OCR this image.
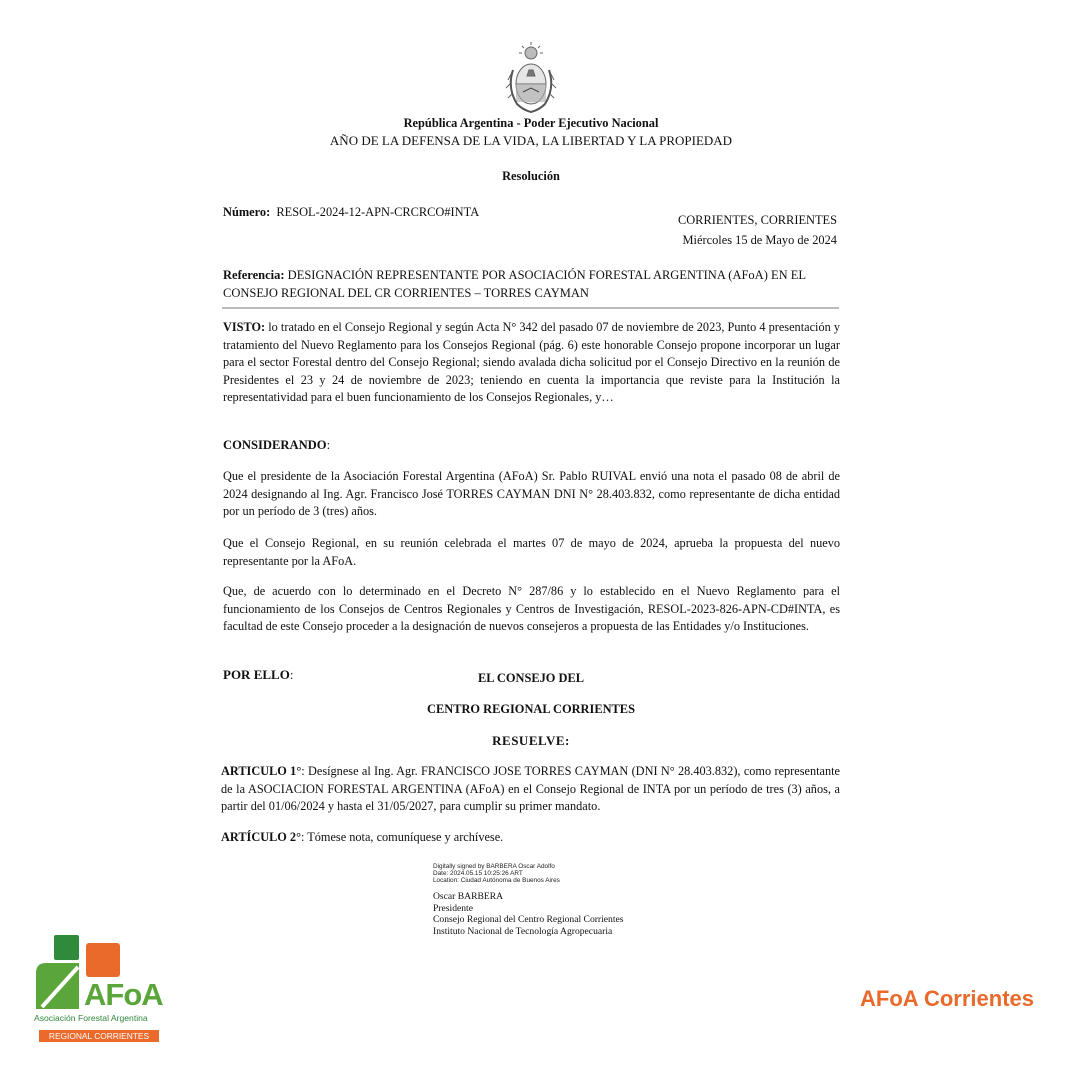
República Argentina - Poder Ejecutivo Nacional
AÑO DE LA DEFENSA DE LA VIDA, LA LIBERTAD Y LA PROPIEDAD
Resolución
Número: RESOL-2024-12-APN-CRCRCO#INTA
CORRIENTES, CORRIENTES
Miércoles 15 de Mayo de 2024
Referencia: DESIGNACIÓN REPRESENTANTE POR ASOCIACIÓN FORESTAL ARGENTINA (AFoA) EN EL CONSEJO REGIONAL DEL CR CORRIENTES – TORRES CAYMAN
VISTO: lo tratado en el Consejo Regional y según Acta N° 342 del pasado 07 de noviembre de 2023, Punto 4 presentación y tratamiento del Nuevo Reglamento para los Consejos Regional (pág. 6) este honorable Consejo propone incorporar un lugar para el sector Forestal dentro del Consejo Regional; siendo avalada dicha solicitud por el Consejo Directivo en la reunión de Presidentes el 23 y 24 de noviembre de 2023; teniendo en cuenta la importancia que reviste para la Institución la representatividad para el buen funcionamiento de los Consejos Regionales, y…
CONSIDERANDO:
Que el presidente de la Asociación Forestal Argentina (AFoA) Sr. Pablo RUIVAL envió una nota el pasado 08 de abril de 2024 designando al Ing. Agr. Francisco José TORRES CAYMAN DNI N° 28.403.832, como representante de dicha entidad por un período de 3 (tres) años.
Que el Consejo Regional, en su reunión celebrada el martes 07 de mayo de 2024, aprueba la propuesta del nuevo representante por la AFoA.
Que, de acuerdo con lo determinado en el Decreto N° 287/86 y lo establecido en el Nuevo Reglamento para el funcionamiento de los Consejos de Centros Regionales y Centros de Investigación, RESOL-2023-826-APN-CD#INTA, es facultad de este Consejo proceder a la designación de nuevos consejeros a propuesta de las Entidades y/o Instituciones.
POR ELLO:	EL CONSEJO DEL
CENTRO REGIONAL CORRIENTES
RESUELVE:
ARTICULO 1°: Desígnese al Ing. Agr. FRANCISCO JOSE TORRES CAYMAN (DNI N° 28.403.832), como representante de la ASOCIACION FORESTAL ARGENTINA (AFoA) en el Consejo Regional de INTA por un período de tres (3) años, a partir del 01/06/2024 y hasta el 31/05/2027, para cumplir su primer mandato.
ARTÍCULO 2°: Tómese nota, comuníquese y archívese.
Digitally signed by BARBERA Oscar Adolfo
Date: 2024.05.15 10:25:26 ART
Location: Ciudad Autónoma de Buenos Aires
Oscar BARBERA
Presidente
Consejo Regional del Centro Regional Corrientes
Instituto Nacional de Tecnología Agropecuaria
AFoA
Asociación Forestal Argentina
REGIONAL CORRIENTES
AFoA Corrientes
